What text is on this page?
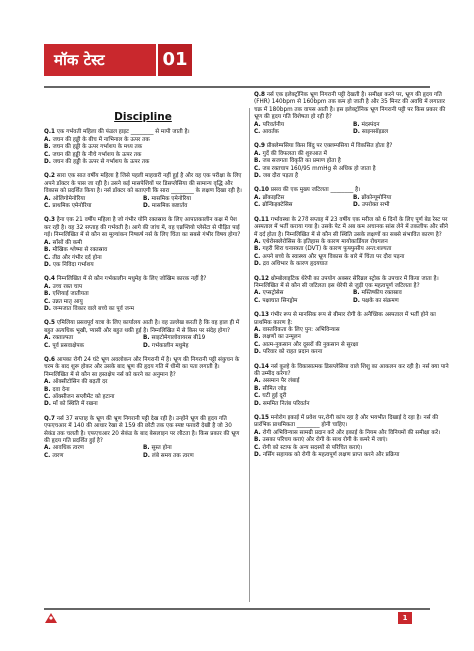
मॉक टेस्ट	01
Discipline
Q.1 एक गर्भवती महिला की फंडल हाइट ________ से मापी जाती है।
A. जघन की हड्डी के बीच में नाभिनाल के ऊपर तक
B. जघन की हड्डी के ऊपर गर्भाशय के मध्य तक
C. जघन की हड्डी के नीचे गर्भाशय के ऊपर तक
D. जघन की हड्डी के ऊपर से गर्भाशय के ऊपर तक
Q.2 सारा एक सात वर्षीय महिला है जिसे पहली माहवारी नहीं हुई है और वह एक परीक्षा के लिए अपने डॉक्टर के पास जा रही है। उसने कई मासपेशियों पर डिसप्लेसिया की सामान्य वृद्धि और विकास को प्रदर्शित किया है। नर्स डॉक्टर को बताएगी कि सारा ________ के लक्षण दिखा रही है।
A. ओलिगोमेनोरिया	B. मासमिक एमेनोरिया
C. प्राथमिक एमेनोरिया	D. मासमिक कष्टार्तव
Q.3 हैना एक 21 वर्षीय महिला है जो गंभीर योनि रक्तस्राव के लिए आपातकालीन कक्ष में पेश कर रही है। वह 32 सप्ताह की गर्भवती है। आगे की जांच में, वह एब्रप्शियो प्लेसेंटा से पीड़ित पाई गई। निम्नलिखित में से कौन सा मूल्यांकन निष्कर्ष नर्स के लिए चिंता का सबसे गंभीर विषय होगा?
A. साँसों की कमी
B. मौखिक श्लेष्मा से रक्तस्राव
C. तीव्र और गंभीर दर्द होना
D. एक निविदा गर्भाशय
Q.4 निम्नलिखित में से कौन गर्भकालीन मधुमेह के लिए जोखिम कारक नहीं है?
A. उच्च रक्त चाप
B. एशियाई जातीयता
C. उन्नत मातृ आयु
D. जन्मजात विकार वाले बच्चे का पूर्व जन्म
Q.5 एमिलिया प्रसवपूर्व यात्रा के लिए कार्यालय आती है। वह उल्लेख करती है कि वह हाल ही में बहुत अत्यधिक भूखी, प्यासी और बहुत थकी हुई है। निम्नलिखित में से किस पर संदेह होगा?
A. रक्ताल्पता	B. साइटोमेगालोवायरस बी19
C. पूर्व प्रसवाक्षेपक	D. गर्भकालीन मधुमेह
Q.6 आपका रोगी 24 घंटे भ्रूण अवलोकन और निगरानी में है। भ्रूण की निगरानी पट्टी संकुचन के चरम के बाद शुरू होकर और उसके बाद भ्रूण की हृदय गति में धीमी का पता लगाती है। निम्नलिखित में से कौन सा हस्तक्षेप नर्स को करने का अनुमान है?
A. ऑक्सीटोसिन की बढ़ती दर
B. दवा देना
C. ऑक्सीजन सप्लीमेंट को हटाना
D. माँ को स्थिति में रखना
Q.7 नर्स 37 सप्ताह के भ्रूण की भ्रूण निगरानी पट्टी देख रही है। उन्होंने भ्रूण की हृदय गति एफएचआर में 140 की आधार रेखा से 159 की छोटी तक एक स्पष्ट फरवरी देखी है जो 30 सेकंड तक चलती है। एफएचआर 20 सेकंड के बाद बेसलाइन पर लौटता है। किस प्रकार की भ्रूण की हृदय गति प्रदर्शित हुई है?
A. आवधिक त्वरण	B. सुस्त होना
C. त्वरण	D. लंबे समय तक त्वरण
Q.8 नर्स एक इलेक्ट्रॉनिक भ्रूण निगरानी पट्टी देखती है। समीक्षा करने पर, भ्रूण की हृदय गति (FHR) 140bpm से 160bpm तक कम हो जाती है और 35 मिनट की अवधि में लगातार चक्र में 180bpm तक वापस आती है। इस इलेक्ट्रॉनिक भ्रूण निगरानी पट्टी पर किस प्रकार की भ्रूण की हृदय गति विशेषता हो रही है?
A. परिवर्तनीय	B. मंदस्पंदन
C. आवर्तक	D. साइनसॉइडल
Q.9 प्रीक्लेम्पसिया किस बिंदु पर एक्लम्पसिया में विकसित होता है?
A. गुर्दे की विफलता की शुरुआत में
B. जब सजगता विकृति का प्रमाण होता है
C. जब रक्तचाप 160/95 mmHg से अधिक हो जाता है
D. जब दौरा पड़ता है
Q.10 प्रसव की एक मुख्य जटिलता ________ है।
A. ब्रोंकाइटिस	B. ब्रोंकोन्यूमोनिया
C. ब्रोन्किइक्टेसिस	D. उपरोक्त सभी
Q.11 गर्भावस्था के 27वें सप्ताह में 23 वर्षीय एक मरीज को 6 दिनों के लिए पूर्ण बेड रेस्ट पर अस्पताल में भर्ती कराया गया है। उसके पेट में अब कम अचानक सांस लेने में तकलीफ और सीने में दर्द होता है। निम्नलिखित में से कौन सी स्थिति उसके लक्षणों का सबसे संभावित कारण है?
A. एथेरोस्क्लेरोसिस के इतिहास के कारण मायोकार्डियल रोधगलन
B. गहरी शिरा घनास्त्रता (DVT) के कारण फुफ्फुसीय अन्त:शल्यता
C. अपने बच्चे के स्वास्थ्य और भ्रूण विकास के बारे में चिंता पर दौरा पड़ना
D. द्रव अधिभार के कारण हृदयघात
Q.12 थ्रोम्बोलाइटिक थेरेपी का उपयोग अक्सर सेरिब्रल स्ट्रोक के उपचार में किया जाता है। निम्नलिखित में से कौन सी जटिलता इस थेरेपी से जुड़ी एक महत्वपूर्ण जटिलता है?
A. एप्सट्रोसेस	B. मस्तिष्कीय रक्तस्राव
C. पक्षाघात सिनड्रोम	D. पक्षके का संक्रमण
Q.13 गंभीर रूप से मानसिक रूप से बीमार रोगी के अनैच्छिक अस्पताल में भर्ती होने का प्राथमिक कारण है:
A. वास्तविकता के लिए पुन: अभिविन्यास
B. लक्षणों का उन्मूलन
C. आत्म-नुकसान और दूसरों की नुकसान से सुरक्षा
D. परिवार को राहत प्रदान करना
Q.14 नर्स कूल्हे के विकासात्मक डिसप्लेसिया वाले शिशु का आकलन कर रही है। नर्स क्या पाने की उम्मीद करेगा?
A. असमान पैर लंबाई
B. सीमित जोड़
C. घटी हुई दूरी
D. सममित नितंब परिवर्तन
Q.15 मनोरोग इकाई में प्रवेश पर,रोगी कांप रहा है और भयभीत दिखाई दे रहा है। नर्स की प्रारंभिक प्राथमिकता ________ होनी चाहिए।
A. रोगी अभिविन्यास सामग्री प्रदान करें और इकाई के नियम और विनियमों की समीक्षा करें।
B. उसका परिचय कराएं और रोगी के साथ रोगी के कमरे में जाएं।
C. रोगी को स्टाफ के अन्य सदस्यों से परिचित कराएं।
D. नर्सिंग सहायक को रोगी के महत्वपूर्ण लक्षण प्राप्त करने और प्रक्रिया
1
